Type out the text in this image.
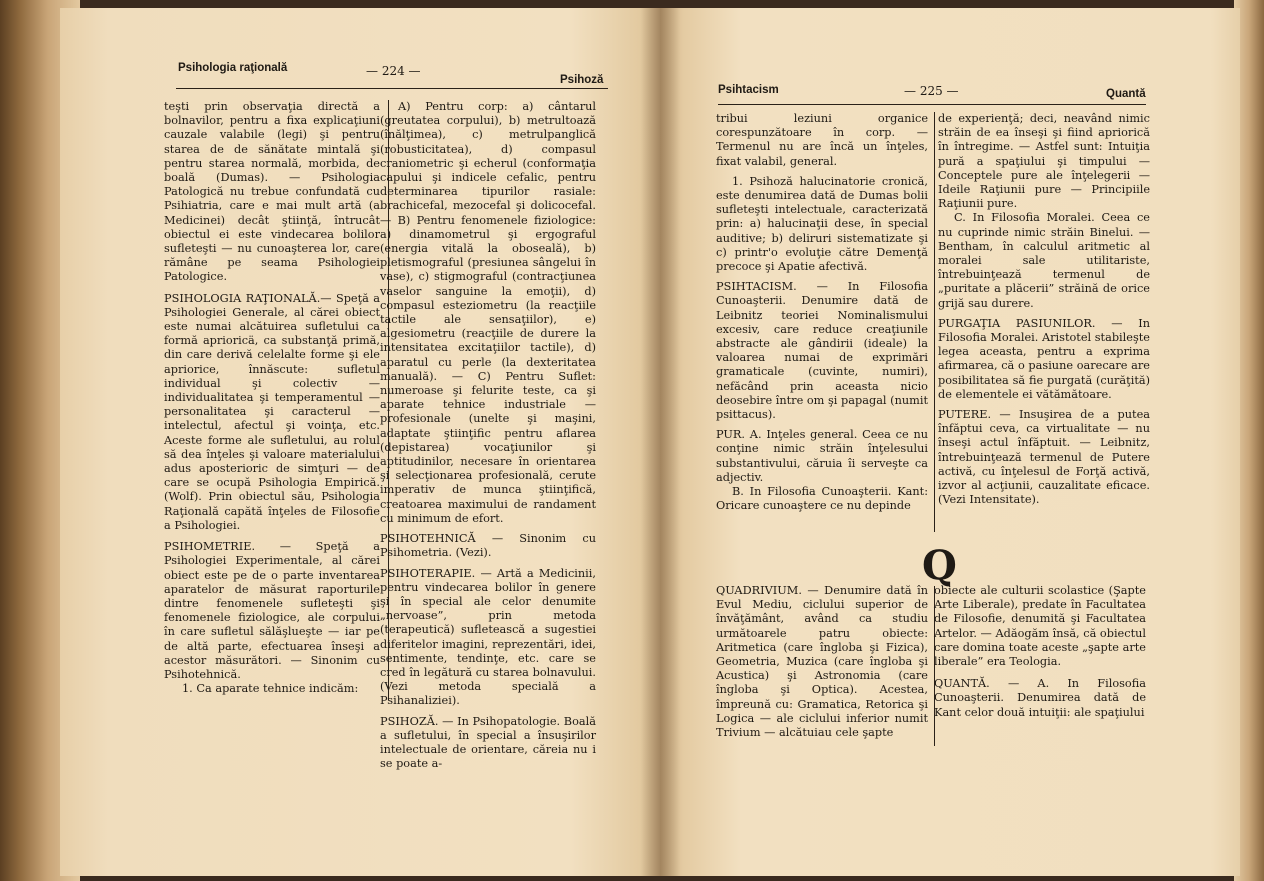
Psihologia raţională	— 224 —
Psihoză

teşti prin observaţia directă a bolnavilor, pentru a fixa explicaţiuni cauzale valabile (legi) şi pentru starea de de sănătate mintală şi pentru starea normală, morbida, de boală (Dumas). — Psihologia Patologică nu trebue confundată cu Psihiatria, care e mai mult artă (a Medicinei) decât ştiinţă, întrucât obiectul ei este vindecarea bolilor sufleteşti — nu cunoaşterea lor, care rămâne pe seama Psihologiei Patologice.

PSIHOLOGIA RAŢIONALĂ.— Speţă a Psihologiei Generale, al cărei obiect este numai alcătuirea sufletului ca formă aprioricä, ca substanţă primă, din care derivă celelalte forme şi ele apriorice, înnăscute: sufletul individual şi colectiv — individualitatea şi temperamentul — personalitatea şi caracterul — intelectul, afectul şi voinţa, etc. Aceste forme ale sufletului, au rolul să dea înţeles şi valoare materialului adus aposterioric de simţuri — de care se ocupă Psihologia Empirică. (Wolf). Prin obiectul său, Psihologia Raţională capătă înţeles de Filosofie a Psihologiei.

PSIHOMETRIE. — Speţă a Psihologiei Experimentale, al cărei obiect este pe de o parte inventarea aparatelor de măsurat raporturile dintre fenomenele sufleteşti şi fenomenele fiziologice, ale corpului în care sufletul sălăşlueşte — iar pe de altă parte, efectuarea înseşi a acestor măsurători. — Sinonim cu Psihotehnică.

1. Ca aparate tehnice indicăm:

A) Pentru corp: a) cântarul (greutatea corpului), b) metrultoază (înălţimea), c) metrulpanglică (robusticitatea), d) compasul craniometric şi echerul (conformaţia capului şi indicele cefalic, pentru determinarea tipurilor rasiale: brachicefal, mezocefal şi dolicocefal. — B) Pentru fenomenele fiziologice: a) dinamometrul şi ergograful (energia vitală la oboseală), b) pletismograful (presiunea sângelui în vase), c) stigmograful (contracţiunea vaselor sanguine la emoţii), d) compasul esteziometru (la reacţiile tactile ale sensaţiilor), e) algesiometru (reacţiile de durere la intensitatea excitaţiilor tactile), d) aparatul cu perle (la dexteritatea manuală). — C) Pentru Suflet: numeroase şi felurite teste, ca şi aparate tehnice industriale — profesionale (unelte şi maşini, adaptate ştiinţific pentru aflarea (depistarea) vocaţiunilor şi aptitudinilor, necesare în orientarea şi selecţionarea profesională, cerute imperativ de munca ştiinţifică, creatoarea maximului de randament cu minimum de efort.

PSIHOTEHNICĂ — Sinonim cu Psihometria. (Vezi).

PSIHOTERAPIE. — Artă a Medicinii, pentru vindecarea bolilor în genere şi în special ale celor denumite „nervoase”, prin metoda (terapeutică) sufletească a sugestiei diferitelor imagini, reprezentări, idei, sentimente, tendinţe, etc. care se cred în legătură cu starea bolnavului. (Vezi metoda specială a Psihanaliziei).

PSIHOZĂ. — In Psihopatologie. Boală a sufletului, în special a însuşirilor intelectuale de orientare, căreia nu i se poate a-

Psihtacism	— 225 —	Quantă

tribui leziuni organice corespunzătoare în corp. — Termenul nu are încă un înţeles, fixat valabil, general.

1. Psihoză halucinatorie cronică, este denumirea dată de Dumas bolii sufleteşti intelectuale, caracterizată prin: a) halucinaţii dese, în special auditive; b) delirurі sistematizate şi c) printr'o evoluţie către Demenţă precoce şi Apatie afectivă.

PSIHTACISM. — In Filosofia Cunoaşterii. Denumire dată de Leibnitz teoriei Nominalismului excesiv, care reduce creaţiunile abstracte ale gândirii (ideale) la valoarea numai de exprimări gramaticale (cuvinte, numiri), nefăcând prin aceasta nicio deosebire între om şi papagal (numit psittacus).

PUR. A. Inţeles general. Ceea ce nu conţine nimic străin înţelesului substantivului, căruia îi serveşte ca adjectiv.

B. In Filosofia Cunoaşterii. Kant: Oricare cunoaştere ce nu depinde

de experienţă; deci, neavând nimic străin de ea înseşi şi fiind apriorică în întregime. — Astfel sunt: Intuiţia pură a spaţiului şi timpului — Conceptele pure ale înţelegerii — Ideile Raţiunii pure — Principiile Raţiunii pure.

C. In Filosofia Moralei. Ceea ce nu cuprinde nimic străin Binelui. — Bentham, în calculul aritmetic al moralei sale utilitariste, întrebuinţează termenul de „puritate a plăcerii” străină de orice grijă sau durere.

PURGAŢIA PASIUNILOR. — In Filosofia Moralei. Aristotel stabileşte legea aceasta, pentru a exprima afirmarea, că o pasiune oarecare are posibilitatea să fie purgată (curăţită) de elementele ei vătămătoare.

PUTERE. — Insuşirea de a putea înfăptui ceva, ca virtualitate — nu însеşi actul înfăptuit. — Leibnitz, întrebuinţează termenul de Putere activă, cu înţelesul de Forţă activă, izvor al acţiunii, cauzalitate eficace. (Vezi Intensitate).

Q

QUADRIVIUM. — Denumire dată în Evul Mediu, ciclului superior de învăţământ, având ca studiu următoarele patru obiecte: Aritmetica (care îngloba şi Fizica), Geometria, Muzica (care îngloba şi Acustica) şi Astronomia (care îngloba şi Optica). Acestea, împreună cu: Gramatica, Retorica şi Logica — ale ciclului inferior numit Trivium — alcătuiau cele şapte

obiecte ale culturii scolastice (Şapte Arte Liberale), predate în Facultatea de Filosofie, denumită şi Facultatea Artelor. — Adăogăm însă, că obiectul care domina toate aceste „şapte arte liberale” era Teologia.

QUANTĂ. — A. In Filosofia Cunoaşterii. Denumirea dată de Kant celor două intuiţii: ale spaţiului
